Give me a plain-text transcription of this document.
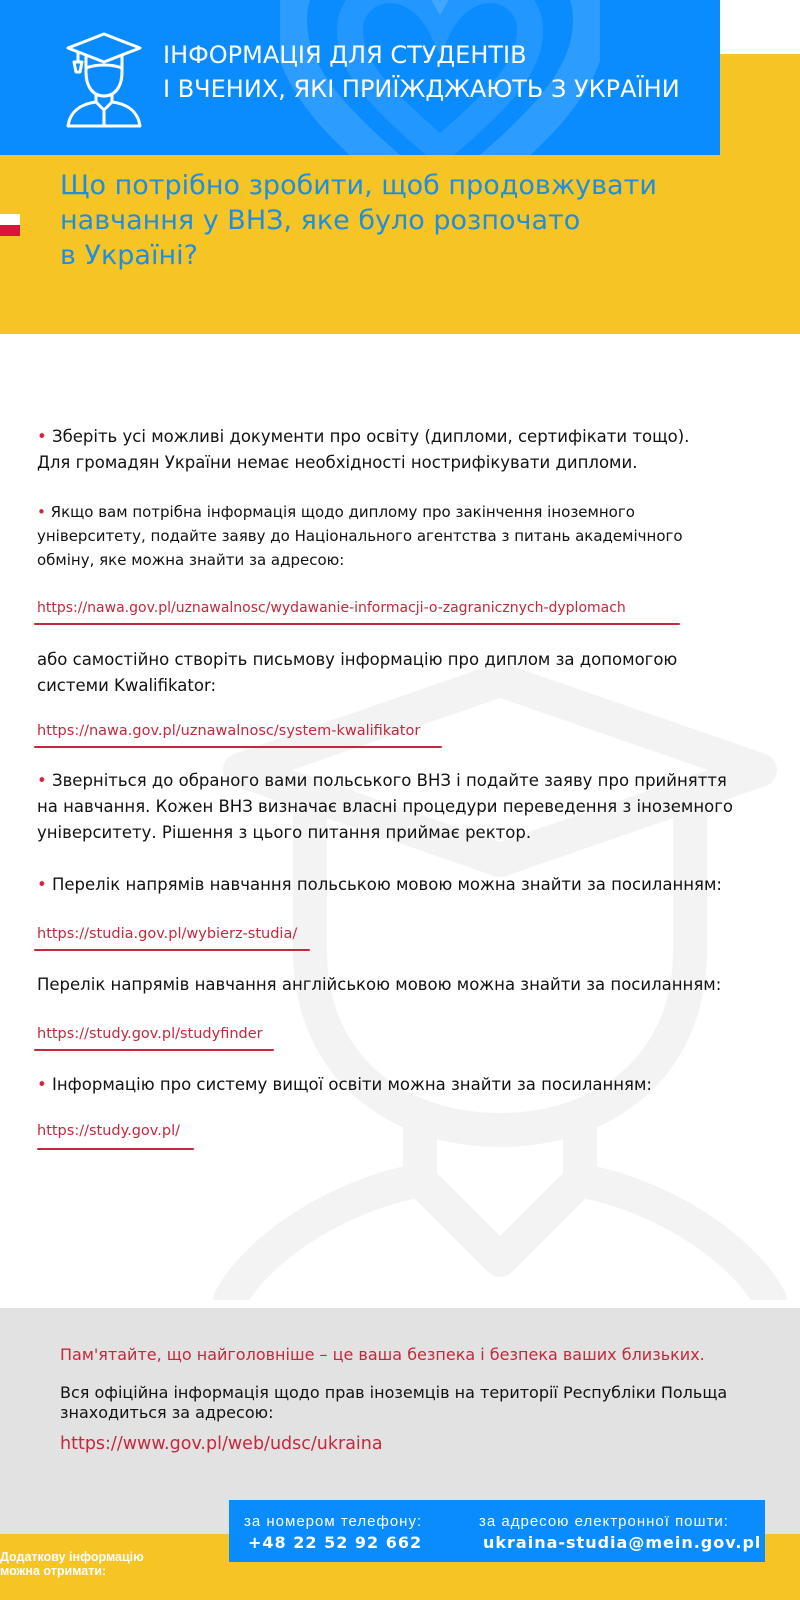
ІНФОРМАЦІЯ ДЛЯ СТУДЕНТІВ
І ВЧЕНИХ, ЯКІ ПРИЇЖДЖАЮТЬ З УКРАЇНИ
Що потрібно зробити, щоб продовжувати
навчання у ВНЗ, яке було розпочато
в Україні?
• Зберіть усі можливі документи про освіту (дипломи, сертифікати тощо).
Для громадян України немає необхідності нострифікувати дипломи.
• Якщо вам потрібна інформація щодо диплому про закінчення іноземного університету, подайте заяву до Національного агентства з питань академічного обміну, яке можна знайти за адресою:
https://nawa.gov.pl/uznawalnosc/wydawanie-informacji-o-zagranicznych-dyplomach
або самостійно створіть письмову інформацію про диплом за допомогою системи Kwalifikator:
https://nawa.gov.pl/uznawalnosc/system-kwalifikator
• Зверніться до обраного вами польського ВНЗ і подайте заяву про прийняття на навчання. Кожен ВНЗ визначає власні процедури переведення з іноземного університету. Рішення з цього питання приймає ректор.
• Перелік напрямів навчання польською мовою можна знайти за посиланням:
https://studia.gov.pl/wybierz-studia/
Перелік напрямів навчання англійською мовою можна знайти за посиланням:
https://study.gov.pl/studyfinder
• Інформацію про систему вищої освіти можна знайти за посиланням:
https://study.gov.pl/
Пам'ятайте, що найголовніше – це ваша безпека і безпека ваших близьких.
Вся офіційна інформація щодо прав іноземців на території Республіки Польща знаходиться за адресою:
https://www.gov.pl/web/udsc/ukraina
за номером телефону:
+48 22 52 92 662
за адресою електронної пошти:
ukraina-studia@mein.gov.pl
Додаткову інформацію
можна отримати:
